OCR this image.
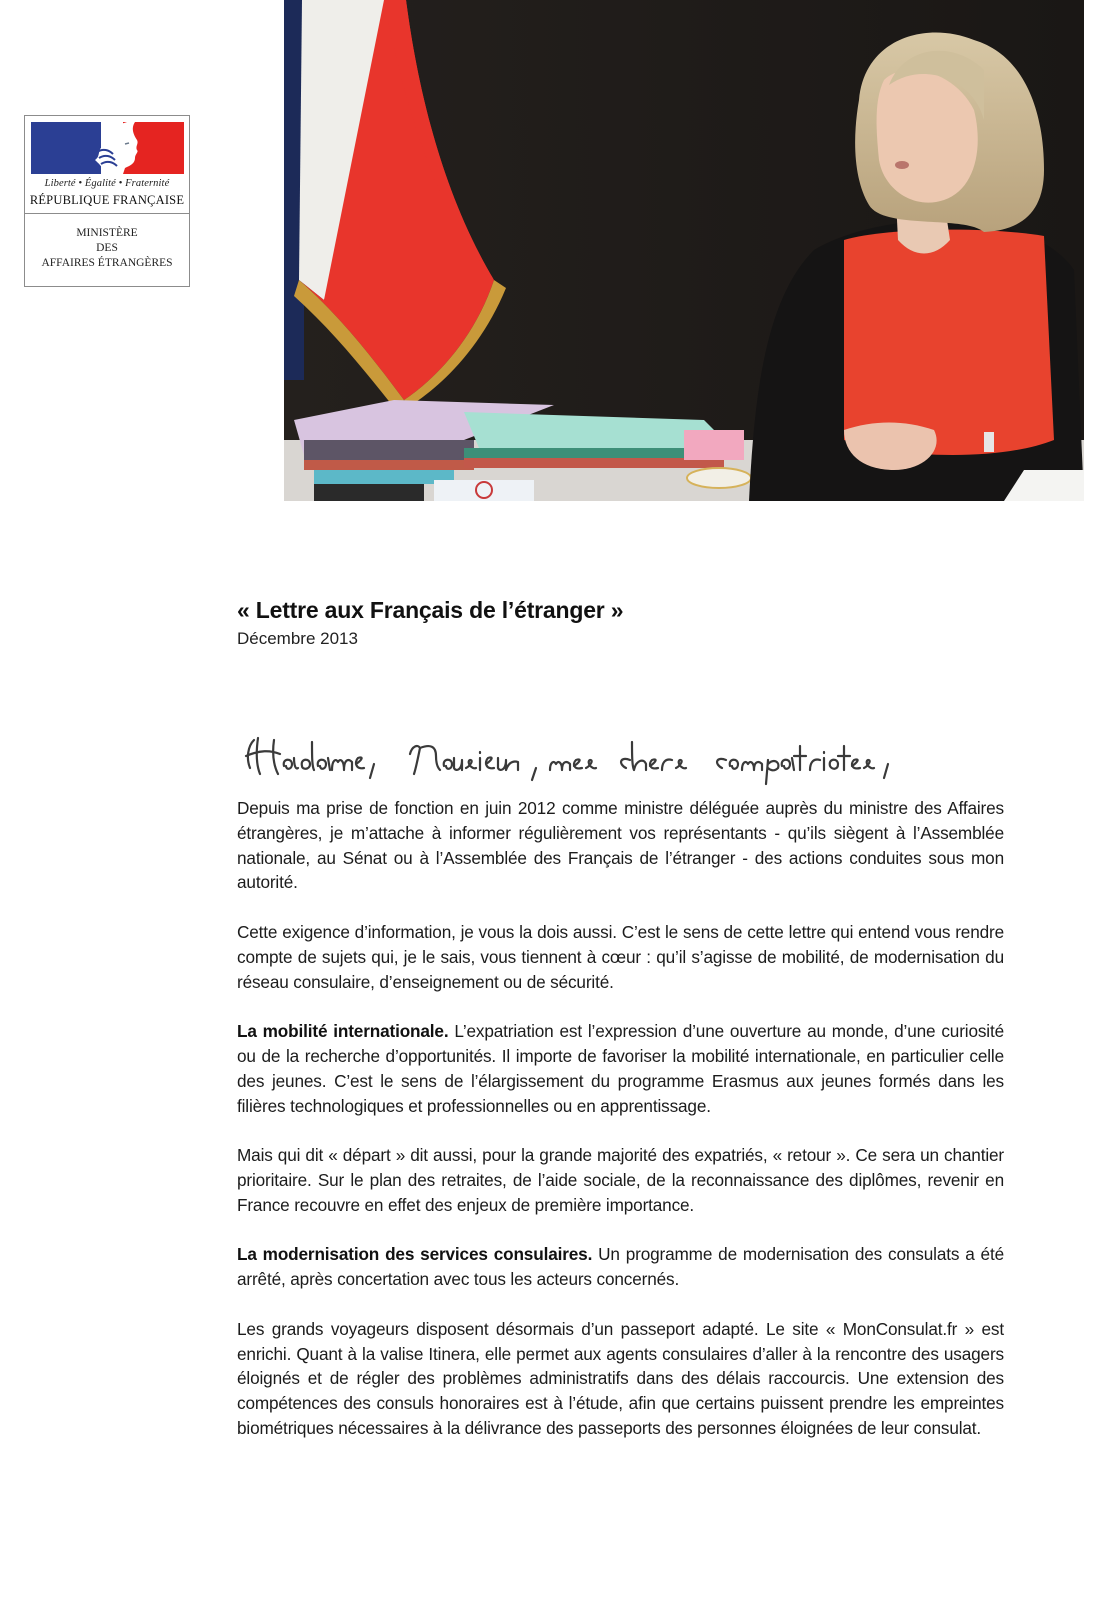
Liberté • Égalité • Fraternité
RÉPUBLIQUE FRANÇAISE
MINISTÈRE
DES
AFFAIRES ÉTRANGÈRES
« Lettre aux Français de l’étranger »
Décembre 2013

Depuis ma prise de fonction en juin 2012 comme ministre déléguée auprès du ministre des Affaires étrangères, je m’attache à informer régulièrement vos représentants - qu’ils siègent à l’Assemblée nationale, au Sénat ou à l’Assemblée des Français de l’étranger - des actions conduites sous mon autorité.

Cette exigence d’information, je vous la dois aussi. C’est le sens de cette lettre qui entend vous rendre compte de sujets qui, je le sais, vous tiennent à cœur : qu’il s’agisse de mobilité, de modernisation du réseau consulaire, d’enseignement ou de sécurité.

La mobilité internationale. L’expatriation est l’expression d’une ouverture au monde, d’une curiosité ou de la recherche d’opportunités. Il importe de favoriser la mobilité internationale, en particulier celle des jeunes. C’est le sens de l’élargissement du programme Erasmus aux jeunes formés dans les filières technologiques et professionnelles ou en apprentissage.

Mais qui dit « départ » dit aussi, pour la grande majorité des expatriés, « retour ». Ce sera un chantier prioritaire. Sur le plan des retraites, de l’aide sociale, de la reconnaissance des diplômes, revenir en France recouvre en effet des enjeux de première importance.

La modernisation des services consulaires. Un programme de modernisation des consulats a été arrêté, après concertation avec tous les acteurs concernés.

Les grands voyageurs disposent désormais d’un passeport adapté. Le site « MonConsulat.fr » est enrichi. Quant à la valise Itinera, elle permet aux agents consulaires d’aller à la rencontre des usagers éloignés et de régler des problèmes administratifs dans des délais raccourcis. Une extension des compétences des consuls honoraires est à l’étude, afin que certains puissent prendre les empreintes biométriques nécessaires à la délivrance des passeports des personnes éloignées de leur consulat.
